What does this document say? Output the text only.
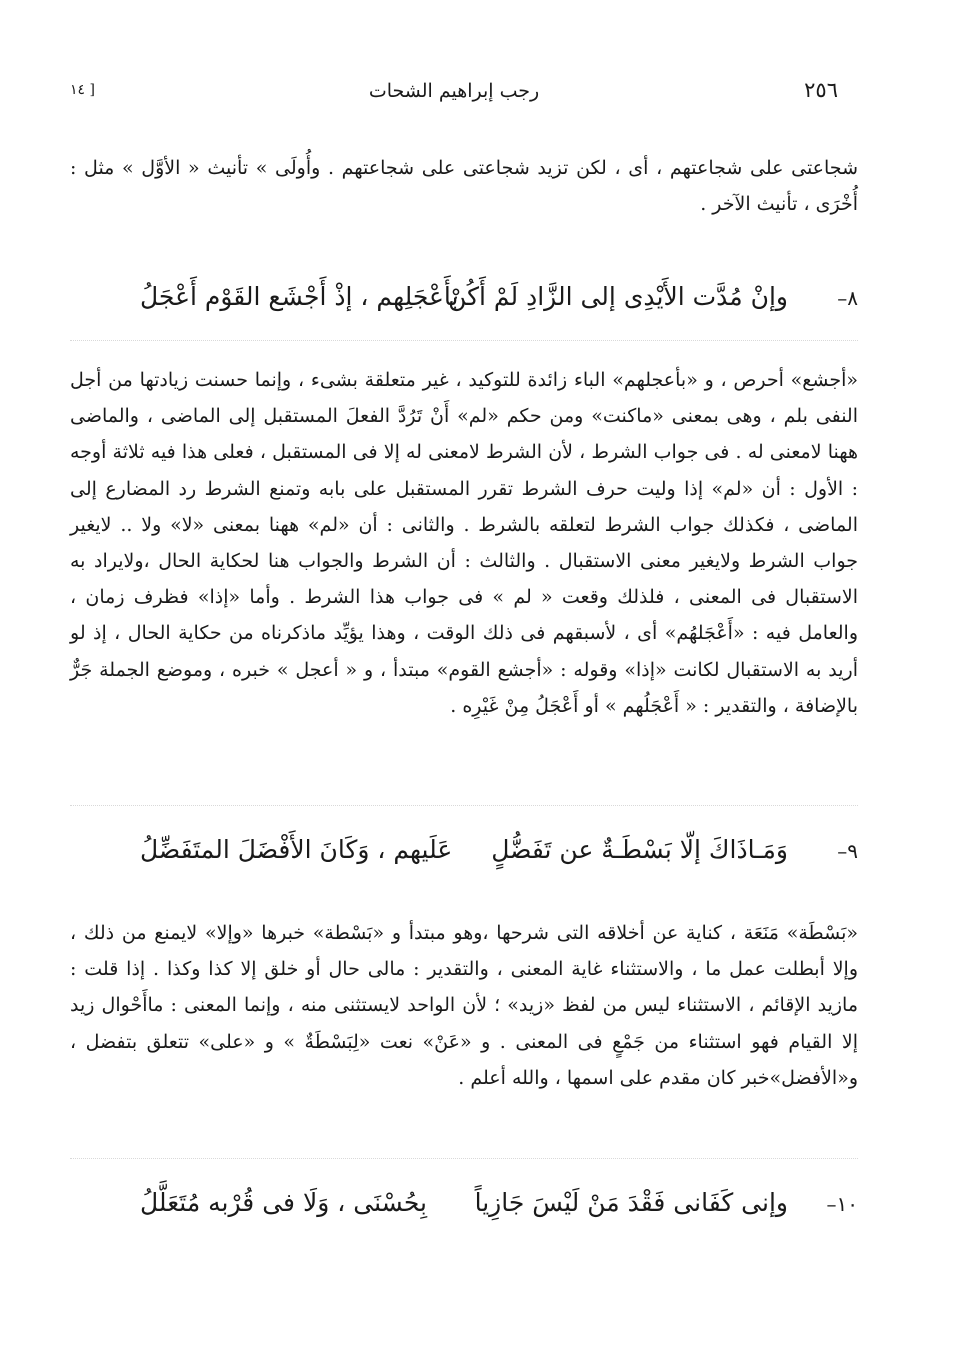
٢٥٦
رجب إبراهيم الشحات
[ ١٤

شجاعتى على شجاعتهم ، أى ، لكن تزيد شجاعتى على شجاعتهم . وأُولَى » تأنيث « الأوَّل » مثل : أُخْرَى ، تأنيث الآخر .

٨–
وإنْ مُدَّت الأَيْدِى إلى الزَّادِ لَمْ أَكُنْ
بأَعْجَلِهم ، إذْ أَجْشَع القَوْم أَعْجَلُ

«أجشع» أحرص ، و «بأعجلهم» الباء زائدة للتوكيد ، غير متعلقة بشىء ، وإنما حسنت زيادتها من أجل النفى بلم ، وهى بمعنى «ماكنت» ومن حكم «لم» أَنْ تَرُدَّ الفعلَ المستقبل إلى الماضى ، والماضى ههنا لامعنى له . فى جواب الشرط ، لأن الشرط لامعنى له إلا فى المستقبل ، فعلى هذا فيه ثلاثة أوجه : الأول : أن «لم» إذا وليت حرف الشرط تقرر المستقبل على بابه وتمنع الشرط رد المضارع إلى الماضى ، فكذلك جواب الشرط لتعلقه بالشرط . والثانى : أن «لم» ههنا بمعنى «لا» ولا .. لايغير جواب الشرط ولايغير معنى الاستقبال . والثالث : أن الشرط والجواب هنا لحكاية الحال ،ولايراد به الاستقبال فى المعنى ، فلذلك وقعت « لم » فى جواب هذا الشرط . وأما «إذا» فظرف زمان ، والعامل فيه : «أَعْجَلهُم» أى ، لأسبقهم فى ذلك الوقت ، وهذا يؤيِّد ماذكرناه من حكاية الحال ، إذ لو أريد به الاستقبال لكانت «إذا» وقوله : «أجشع القوم» مبتدأ ، و « أعجل » خبره ، وموضع الجملة جَرٌّ بالإضافة ، والتقدير : « أَعْجَلُهم » أو أَعْجَلُ مِنْ غَيْرِه .

٩–
وَمَـاذَاكَ إلّا بَسْطَـةٌ عن تَفَضُّلٍ
عَلَيهم ، وَكَانَ الأَفْضَلَ المتَفَضِّلُ

«بَسْطَة» مَنَعَة ، كناية عن أخلاقه التى شرحها ،وهو مبتدأ و «بَسْطة» خبرها «وإلا» لايمنع من ذلك ، وإلا أبطلت عمل ما ، والاستثناء غاية المعنى ، والتقدير : مالى حال أو خلق إلا كذا وكذا . إذا قلت : مازيد الإقائم ، الاستثناء ليس من لفظ «زيد» ؛ لأن الواحد لايستثنى منه ، وإنما المعنى : ماأَحْوال زيد إلا القيام فهو استثناء من جَمْعٍ فى المعنى . و «عَنْ» نعت «لِبَسْطَةٌ » و «على» تتعلق بتفضل ، و«الأفضل»خبر كان مقدم على اسمها ، والله أعلم .

١٠–
وإنى كَفَانى فَقْدَ مَنْ لَيْسَ جَازِياً
بِحُسْنَى ، وَلَا فى قُرْبه مُتَعَلَّلُ
